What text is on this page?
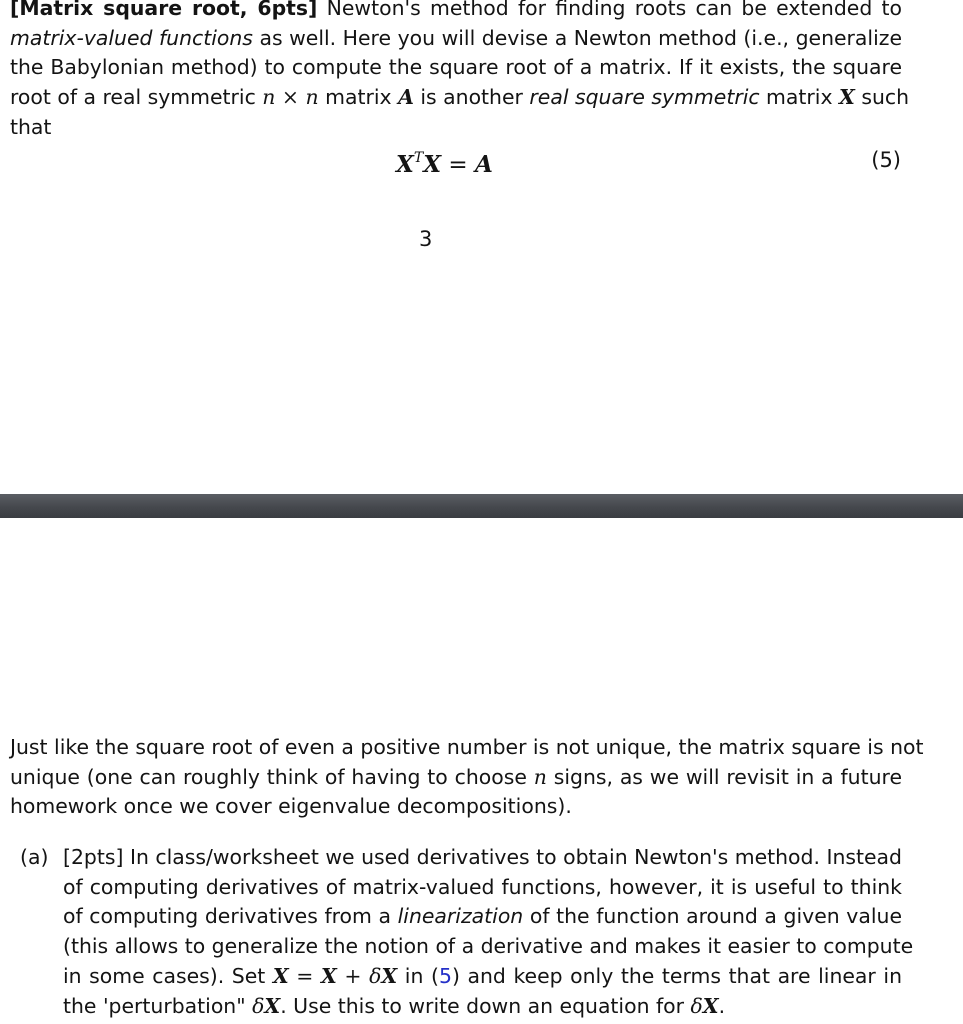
[Matrix square root, 6pts] Newton's method for finding roots can be extended to
matrix-valued functions as well. Here you will devise a Newton method (i.e., generalize
the Babylonian method) to compute the square root of a matrix. If it exists, the square
root of a real symmetric n × n matrix A is another real square symmetric matrix X such
that
$X^TX = A$	(5)
3
Just like the square root of even a positive number is not unique, the matrix square is not
unique (one can roughly think of having to choose n signs, as we will revisit in a future
homework once we cover eigenvalue decompositions).
(a) [2pts] In class/worksheet we used derivatives to obtain Newton's method. Instead
of computing derivatives of matrix-valued functions, however, it is useful to think
of computing derivatives from a linearization of the function around a given value
(this allows to generalize the notion of a derivative and makes it easier to compute
in some cases). Set X = X + δX in (5) and keep only the terms that are linear in
the 'perturbation" δX. Use this to write down an equation for δX.
